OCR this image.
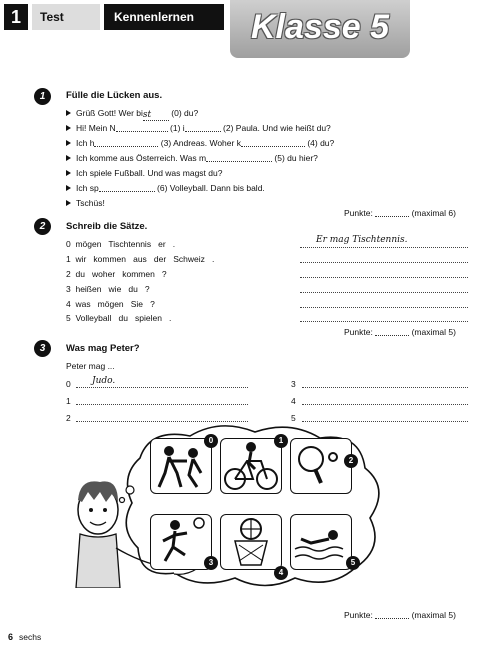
1	Test	Kennenlernen	Klasse 5
1	Fülle die Lücken aus.
Grüß Gott! Wer bist (0) du?
Hi! Mein N	(1) i	(2) Paula. Und wie heißt du?
Ich h	(3) Andreas. Woher k	(4) du?
Ich komme aus Österreich. Was m	(5) du hier?
Ich spiele Fußball. Und was magst du?
Ich sp	(6) Volleyball. Dann bis bald.
Tschüs!
Punkte:	(maximal 6)
2	Schreib die Sätze.
0 mögen   Tischtennis   er   .
1 wir   kommen   aus   der   Schweiz   .
2 du   woher   kommen   ?
3 heißen   wie   du   ?
4 was   mögen   Sie   ?
5 Volleyball   du   spielen   .
Er mag Tischtennis.
Punkte:	(maximal 5)
3	Was mag Peter?
Peter mag ...
0 Judo.
1
2
3
4
5
0	1
2
3
4
5
Punkte:	(maximal 5)
6 sechs
